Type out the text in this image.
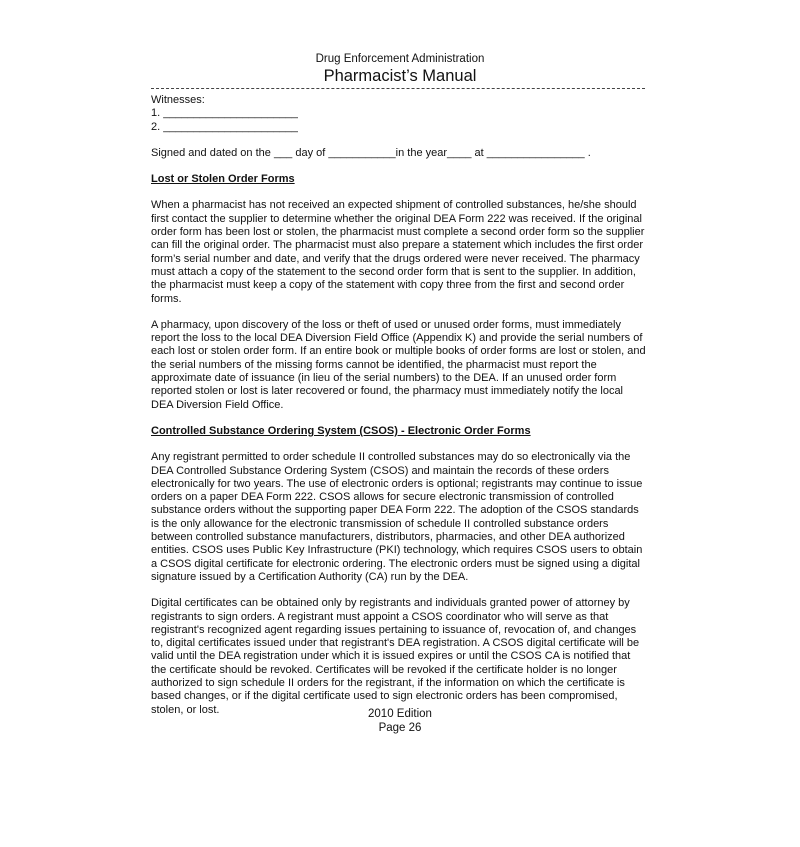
Drug Enforcement Administration
Pharmacist’s Manual
Witnesses:
1. ______________________
2. ______________________
Signed and dated on the ___ day of ___________in the year____ at ________________ .
Lost or Stolen Order Forms

When a pharmacist has not received an expected shipment of controlled substances, he/she should first contact the supplier to determine whether the original DEA Form 222 was received. If the original order form has been lost or stolen, the pharmacist must complete a second order form so the supplier can fill the original order. The pharmacist must also prepare a statement which includes the first order form’s serial number and date, and verify that the drugs ordered were never received. The pharmacy must attach a copy of the statement to the second order form that is sent to the supplier. In addition, the pharmacist must keep a copy of the statement with copy three from the first and second order forms.

A pharmacy, upon discovery of the loss or theft of used or unused order forms, must immediately report the loss to the local DEA Diversion Field Office (Appendix K) and provide the serial numbers of each lost or stolen order form. If an entire book or multiple books of order forms are lost or stolen, and the serial numbers of the missing forms cannot be identified, the pharmacist must report the approximate date of issuance (in lieu of the serial numbers) to the DEA. If an unused order form reported stolen or lost is later recovered or found, the pharmacy must immediately notify the local DEA Diversion Field Office.

Controlled Substance Ordering System (CSOS) - Electronic Order Forms

Any registrant permitted to order schedule II controlled substances may do so electronically via the DEA Controlled Substance Ordering System (CSOS) and maintain the records of these orders electronically for two years. The use of electronic orders is optional; registrants may continue to issue orders on a paper DEA Form 222. CSOS allows for secure electronic transmission of controlled substance orders without the supporting paper DEA Form 222. The adoption of the CSOS standards is the only allowance for the electronic transmission of schedule II controlled substance orders between controlled substance manufacturers, distributors, pharmacies, and other DEA authorized entities. CSOS uses Public Key Infrastructure (PKI) technology, which requires CSOS users to obtain a CSOS digital certificate for electronic ordering. The electronic orders must be signed using a digital signature issued by a Certification Authority (CA) run by the DEA.

Digital certificates can be obtained only by registrants and individuals granted power of attorney by registrants to sign orders. A registrant must appoint a CSOS coordinator who will serve as that registrant's recognized agent regarding issues pertaining to issuance of, revocation of, and changes to, digital certificates issued under that registrant's DEA registration. A CSOS digital certificate will be valid until the DEA registration under which it is issued expires or until the CSOS CA is notified that the certificate should be revoked. Certificates will be revoked if the certificate holder is no longer authorized to sign schedule II orders for the registrant, if the information on which the certificate is based changes, or if the digital certificate used to sign electronic orders has been compromised, stolen, or lost.	2010 Edition
Page 26
